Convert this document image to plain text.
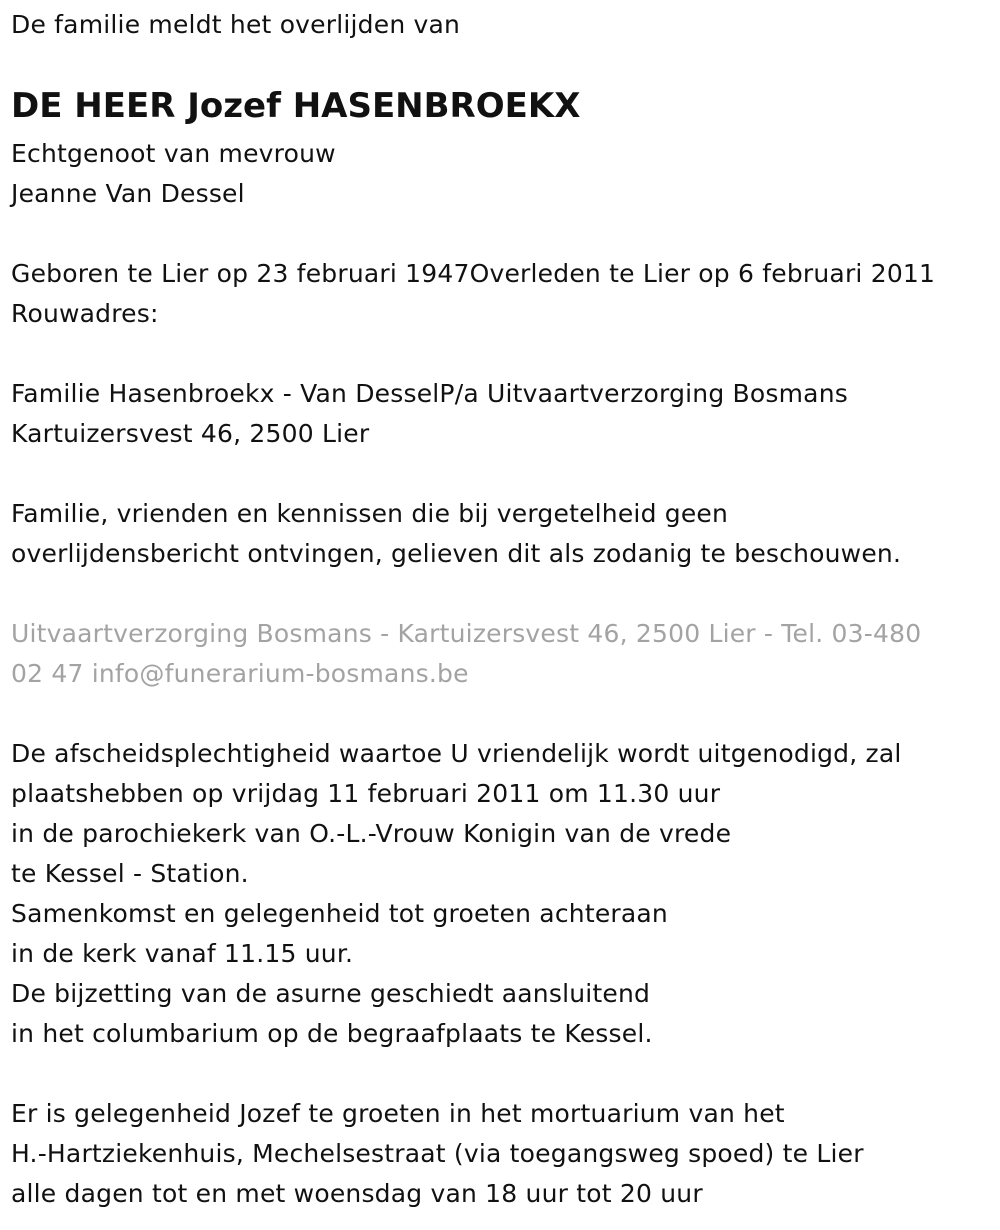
De familie meldt het overlijden van
DE HEER Jozef HASENBROEKX
Echtgenoot van mevrouw
Jeanne Van Dessel
Geboren te Lier op 23 februari 1947Overleden te Lier op 6 februari 2011
Rouwadres:
Familie Hasenbroekx - Van DesselP/a Uitvaartverzorging Bosmans
Kartuizersvest 46, 2500 Lier
Familie, vrienden en kennissen die bij vergetelheid geen
overlijdensbericht ontvingen, gelieven dit als zodanig te beschouwen.
Uitvaartverzorging Bosmans - Kartuizersvest 46, 2500 Lier - Tel. 03-480
02 47 info@funerarium-bosmans.be
De afscheidsplechtigheid waartoe U vriendelijk wordt uitgenodigd, zal
plaatshebben op vrijdag 11 februari 2011 om 11.30 uur
in de parochiekerk van O.-L.-Vrouw Konigin van de vrede
te Kessel - Station.
Samenkomst en gelegenheid tot groeten achteraan
in de kerk vanaf 11.15 uur.
De bijzetting van de asurne geschiedt aansluitend
in het columbarium op de begraafplaats te Kessel.
Er is gelegenheid Jozef te groeten in het mortuarium van het
H.-Hartziekenhuis, Mechelsestraat (via toegangsweg spoed) te Lier
alle dagen tot en met woensdag van 18 uur tot 20 uur
